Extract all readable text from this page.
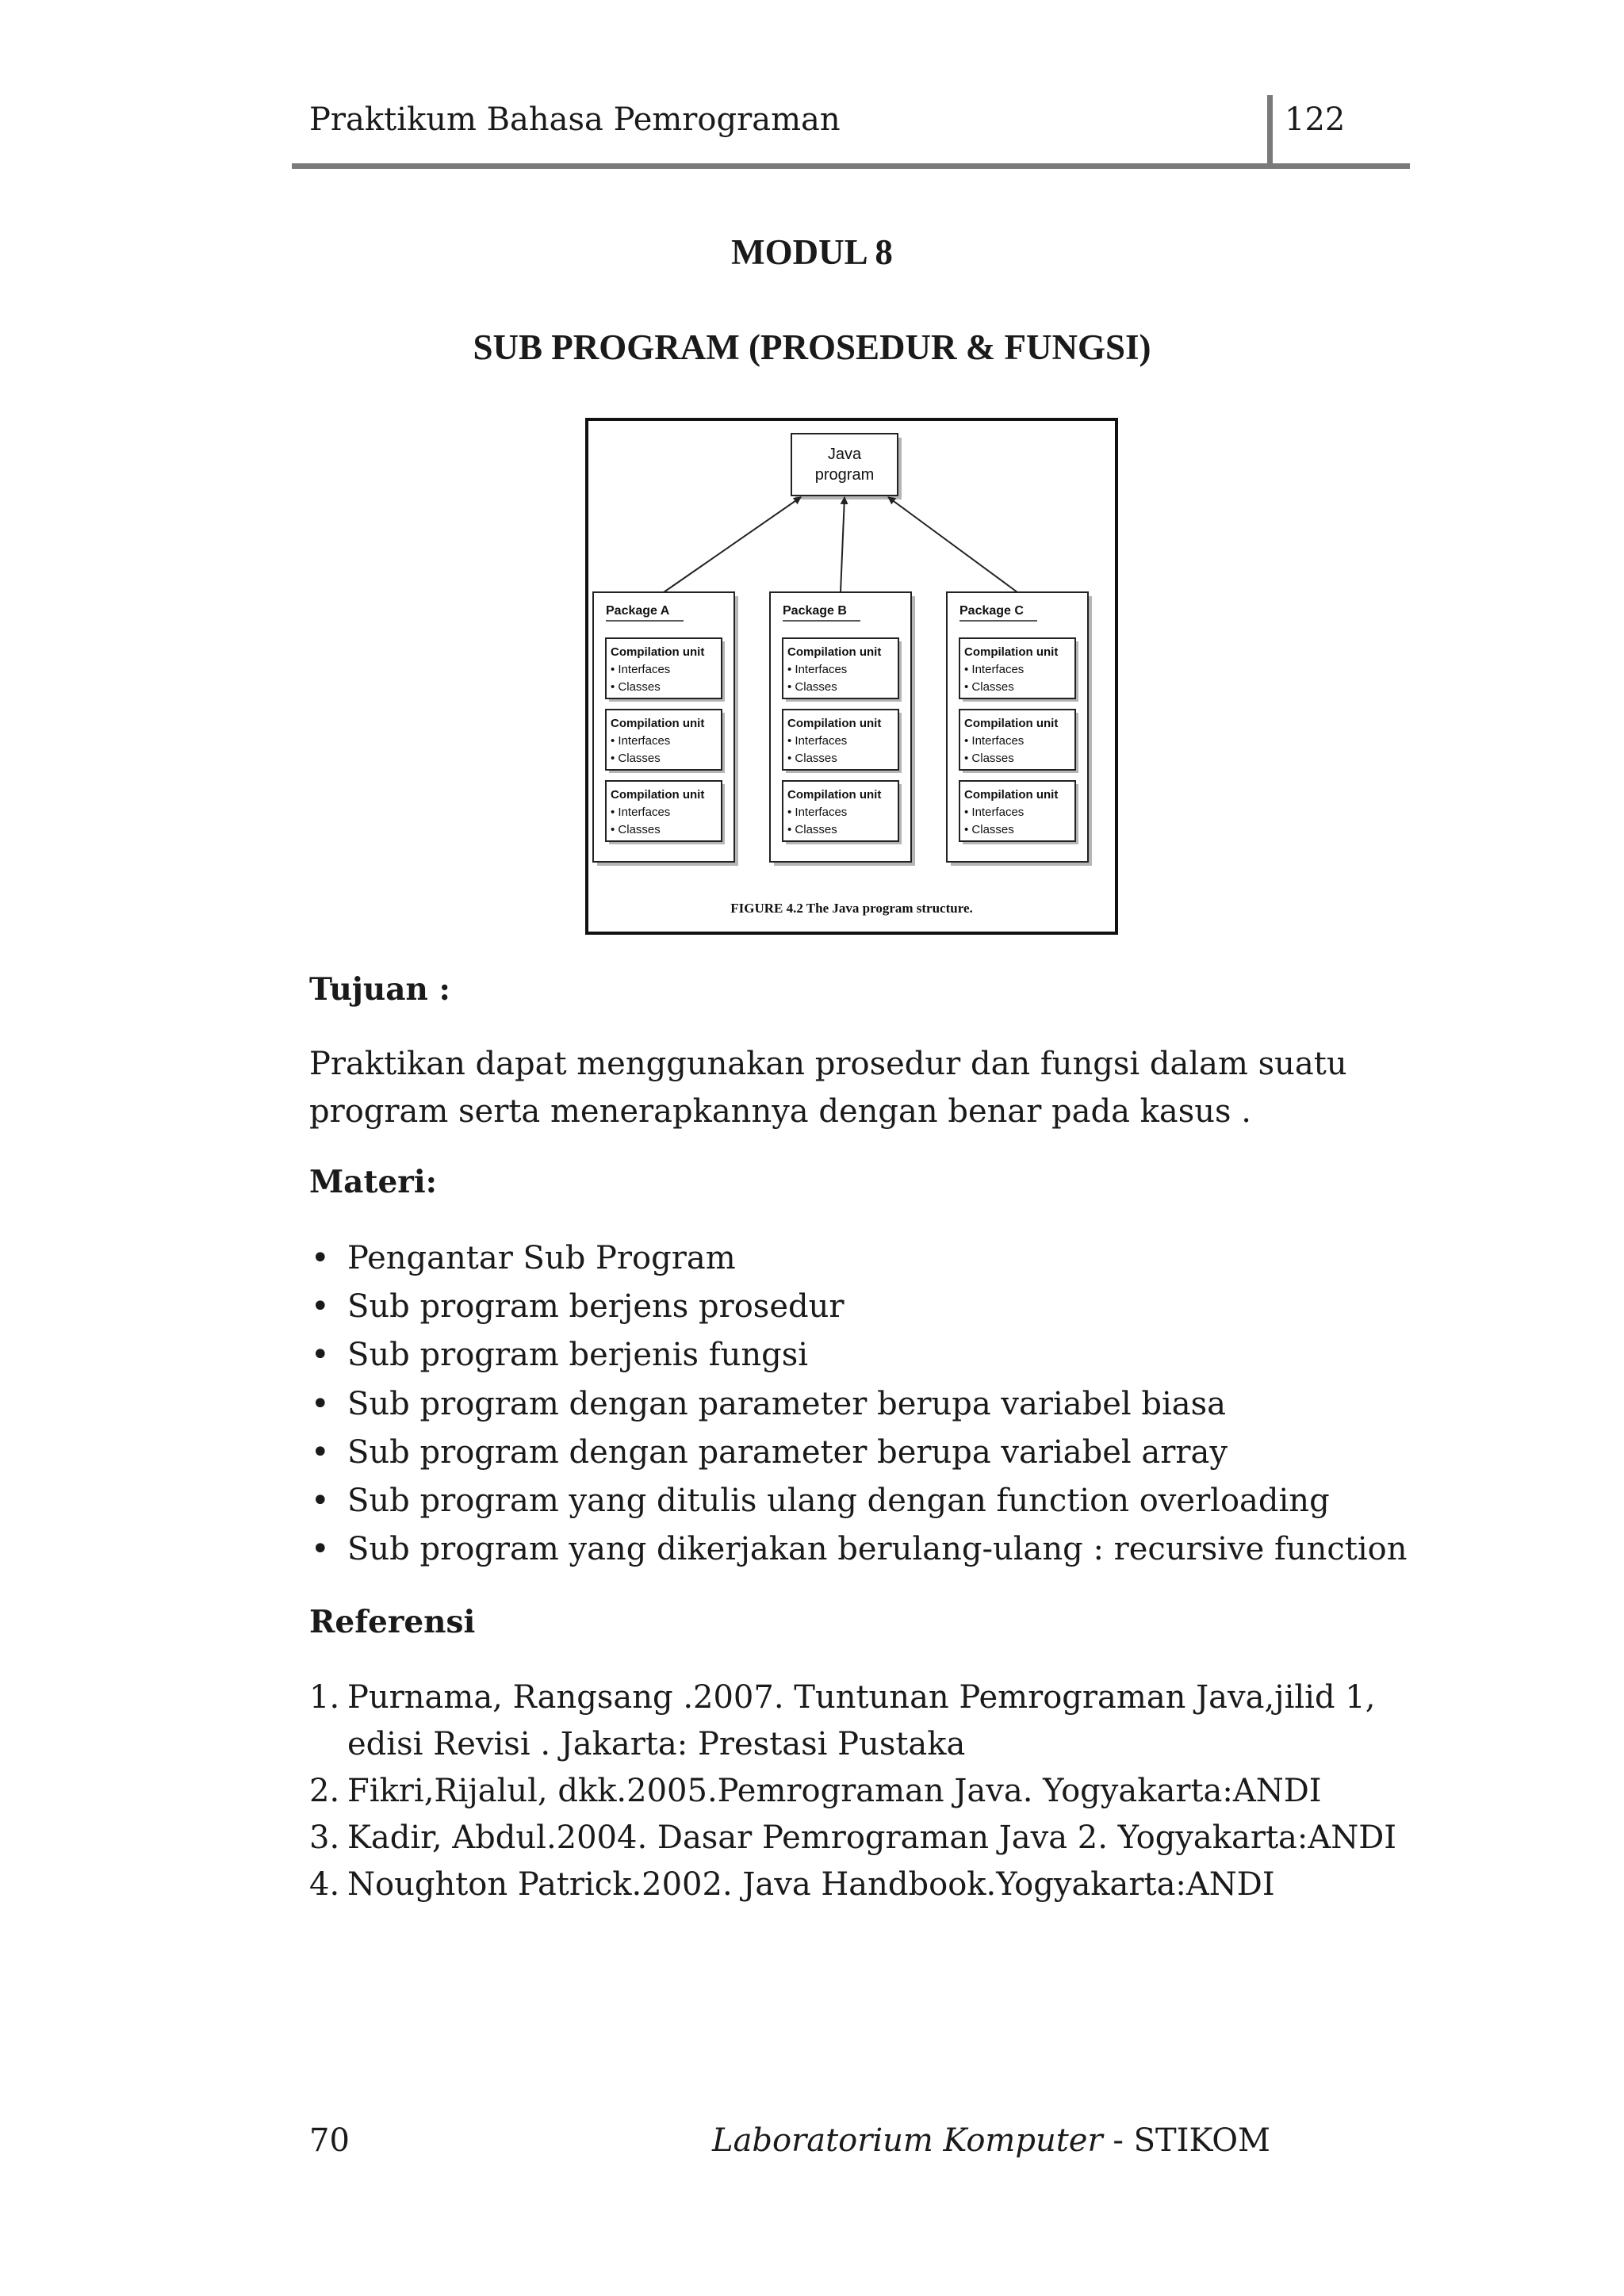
Praktikum Bahasa Pemrograman	122
MODUL 8
SUB PROGRAM (PROSEDUR & FUNGSI)
Java
program
Package A
Compilation unit
• Interfaces
• Classes
Compilation unit
• Interfaces
• Classes
Compilation unit
• Interfaces
• Classes
Package B
Compilation unit
• Interfaces
• Classes
Compilation unit
• Interfaces
• Classes
Compilation unit
• Interfaces
• Classes
Package C
Compilation unit
• Interfaces
• Classes
Compilation unit
• Interfaces
• Classes
Compilation unit
• Interfaces
• Classes
FIGURE 4.2 The Java program structure.
Tujuan :
Praktikan dapat menggunakan prosedur dan fungsi dalam suatu program serta menerapkannya dengan benar pada kasus .
Materi:
• Pengantar Sub Program
• Sub program berjens prosedur
• Sub program berjenis fungsi
• Sub program dengan parameter berupa variabel biasa
• Sub program dengan parameter berupa variabel array
• Sub program yang ditulis ulang dengan function overloading
• Sub program yang dikerjakan berulang-ulang : recursive function
Referensi
1. Purnama, Rangsang .2007. Tuntunan Pemrograman Java,jilid 1, edisi Revisi . Jakarta: Prestasi Pustaka
2. Fikri,Rijalul, dkk.2005.Pemrograman Java. Yogyakarta:ANDI
3. Kadir, Abdul.2004. Dasar Pemrograman Java 2. Yogyakarta:ANDI
4. Noughton Patrick.2002. Java Handbook.Yogyakarta:ANDI
70	Laboratorium Komputer - STIKOM
